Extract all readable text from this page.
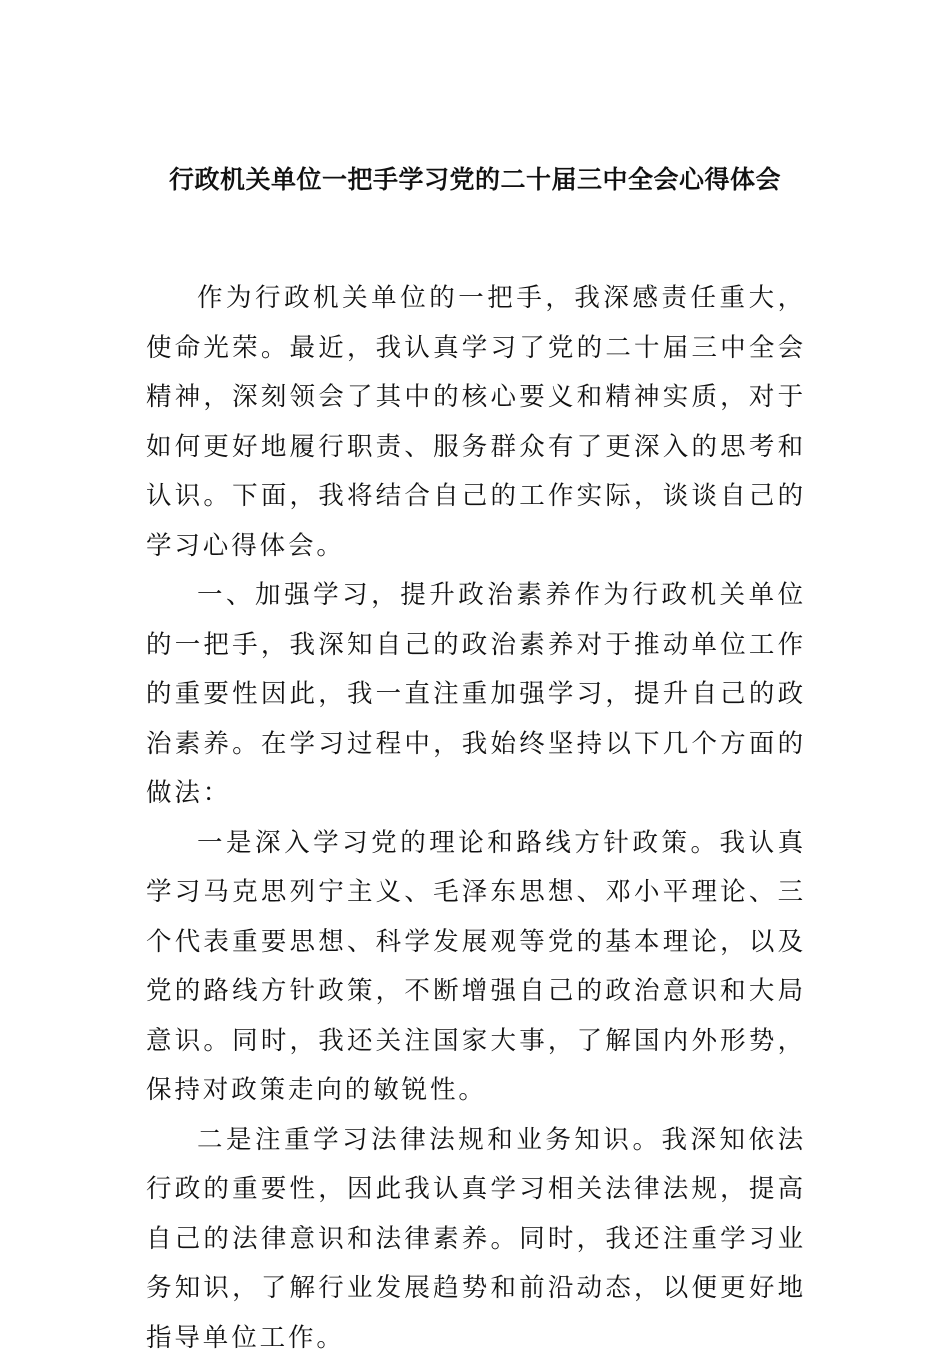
行政机关单位一把手学习党的二十届三中全会心得体会

作为行政机关单位的一把手，我深感责任重大，使命光荣。最近，我认真学习了党的二十届三中全会精神，深刻领会了其中的核心要义和精神实质，对于如何更好地履行职责、服务群众有了更深入的思考和认识。下面，我将结合自己的工作实际，谈谈自己的学习心得体会。

一、加强学习，提升政治素养作为行政机关单位的一把手，我深知自己的政治素养对于推动单位工作的重要性因此，我一直注重加强学习，提升自己的政治素养。在学习过程中，我始终坚持以下几个方面的做法：

一是深入学习党的理论和路线方针政策。我认真学习马克思列宁主义、毛泽东思想、邓小平理论、三个代表重要思想、科学发展观等党的基本理论，以及党的路线方针政策，不断增强自己的政治意识和大局意识。同时，我还关注国家大事，了解国内外形势，保持对政策走向的敏锐性。

二是注重学习法律法规和业务知识。我深知依法行政的重要性，因此我认真学习相关法律法规，提高自己的法律意识和法律素养。同时，我还注重学习业务知识，了解行业发展趋势和前沿动态，以便更好地指导单位工作。
